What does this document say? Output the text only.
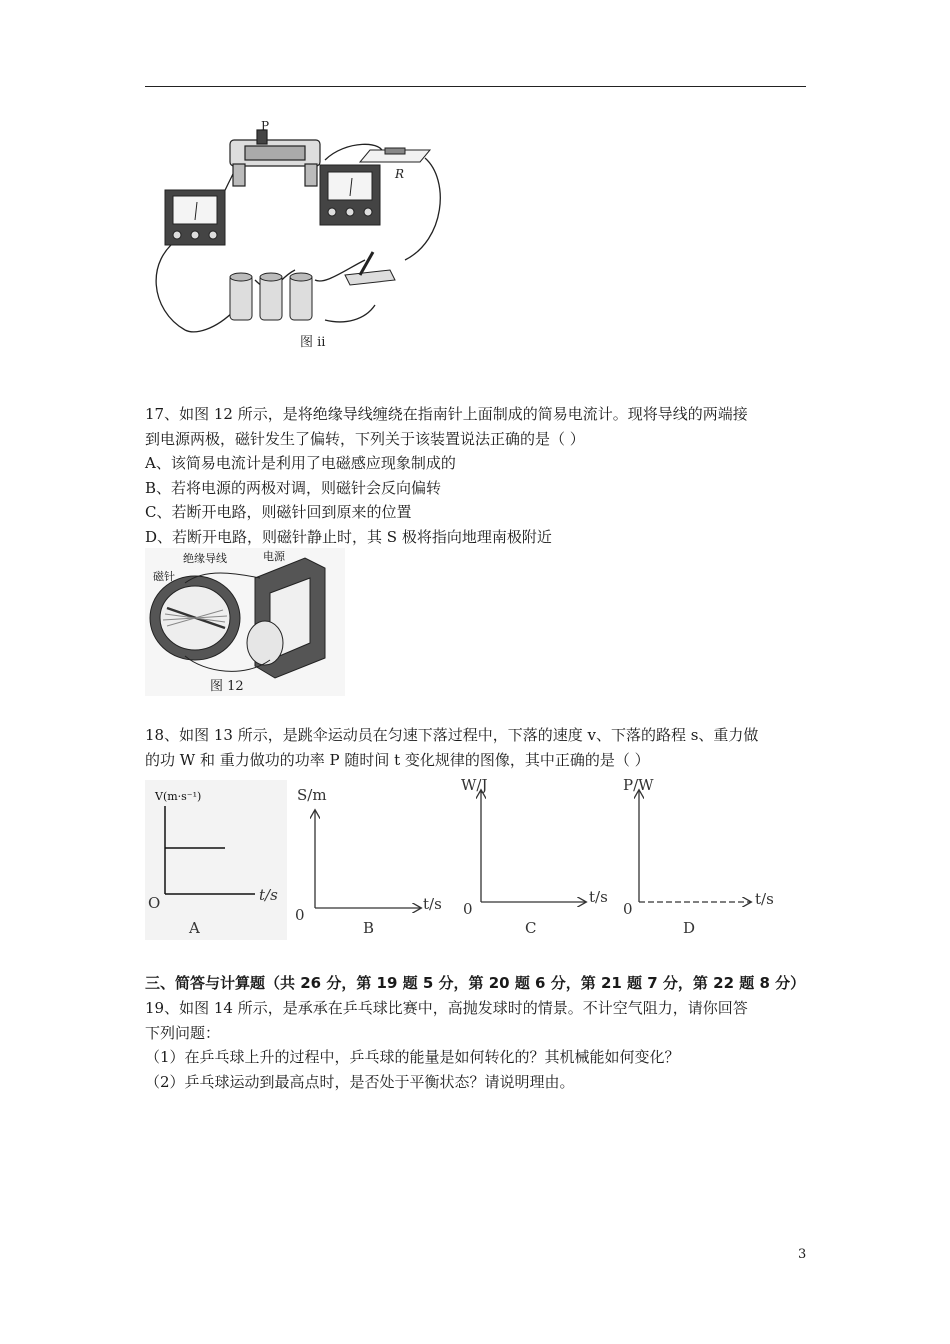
P
R
图 ii

17、如图 12 所示，是将绝缘导线缠绕在指南针上面制成的简易电流计。现将导线的两端接

到电源两极，磁针发生了偏转，下列关于该装置说法正确的是（ ）

A、该简易电流计是利用了电磁感应现象制成的

B、若将电源的两极对调，则磁针会反向偏转

C、若断开电路，则磁针回到原来的位置

D、若断开电路，则磁针静止时，其 S 极将指向地理南极附近

磁针
绝缘导线	电源
图 12

18、如图 13 所示，是跳伞运动员在匀速下落过程中，下落的速度 v、下落的路程 s、重力做

的功 W 和 重力做功的功率 P 随时间 t 变化规律的图像，其中正确的是（ ）

V(m·s⁻¹)
t/s
O
A
S/m
t/s
0
B
W/J
t/s
0
C
P/W
t/s
0
D
三、简答与计算题（共 26 分，第 19 题 5 分，第 20 题 6 分，第 21 题 7 分，第 22 题 8 分）

19、如图 14 所示，是承承在乒乓球比赛中，高抛发球时的情景。不计空气阻力，请你回答

下列问题：

（1）在乒乓球上升的过程中，乒乓球的能量是如何转化的？其机械能如何变化？

（2）乒乓球运动到最高点时，是否处于平衡状态？请说明理由。

3
